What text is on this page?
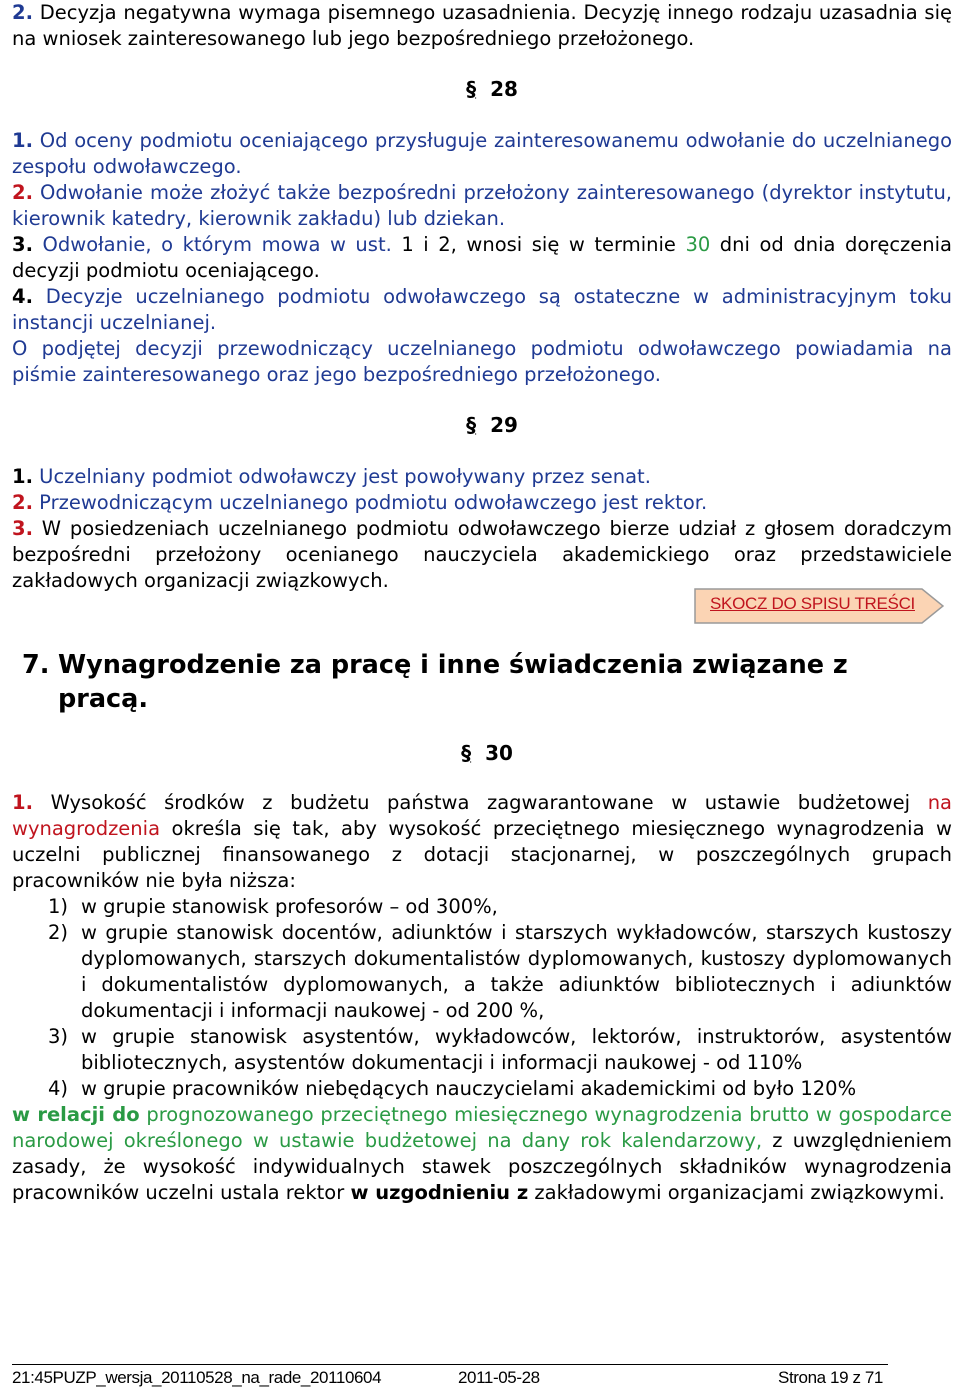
2. Decyzja negatywna wymaga pisemnego uzasadnienia. Decyzję innego rodzaju uzasadnia się na wniosek zainteresowanego lub jego bezpośredniego przełożonego.

§ 28

1. Od oceny podmiotu oceniającego przysługuje zainteresowanemu odwołanie do uczelnianego zespołu odwoławczego.

2. Odwołanie może złożyć także bezpośredni przełożony zainteresowanego (dyrektor instytutu, kierownik katedry, kierownik zakładu) lub dziekan.

3. Odwołanie, o którym mowa w ust. 1 i 2, wnosi się w terminie 30 dni od dnia doręczenia decyzji podmiotu oceniającego.

4. Decyzje uczelnianego podmiotu odwoławczego są ostateczne w administracyjnym toku instancji uczelnianej.

O podjętej decyzji przewodniczący uczelnianego podmiotu odwoławczego powiadamia na piśmie zainteresowanego oraz jego bezpośredniego przełożonego.

§ 29

1. Uczelniany podmiot odwoławczy jest powoływany przez senat.

2. Przewodniczącym uczelnianego podmiotu odwoławczego jest rektor.

3. W posiedzeniach uczelnianego podmiotu odwoławczego bierze udział z głosem doradczym bezpośredni przełożony ocenianego nauczyciela akademickiego oraz przedstawiciele zakładowych organizacji związkowych.

1. Wysokość środków z budżetu państwa zagwarantowane w ustawie budżetowej na wynagrodzenia określa się tak, aby wysokość przeciętnego miesięcznego wynagrodzenia w uczelni publicznej finansowanego z dotacji stacjonarnej, w poszczególnych grupach pracowników nie była niższa:

1) w grupie stanowisk profesorów – od 300%,
2) w grupie stanowisk docentów, adiunktów i starszych wykładowców, starszych kustoszy dyplomowanych, starszych dokumentalistów dyplomowanych, kustoszy dyplomowanych i dokumentalistów dyplomowanych, a także adiunktów bibliotecznych i adiunktów dokumentacji i informacji naukowej - od 200 %,
3) w grupie stanowisk asystentów, wykładowców, lektorów, instruktorów, asystentów bibliotecznych, asystentów dokumentacji i informacji naukowej - od 110%
4) w grupie pracowników niebędących nauczycielami akademickimi od było 120%

w relacji do prognozowanego przeciętnego miesięcznego wynagrodzenia brutto w gospodarce narodowej określonego w ustawie budżetowej na dany rok kalendarzowy, z uwzględnieniem zasady, że wysokość indywidualnych stawek poszczególnych składników wynagrodzenia pracowników uczelni ustala rektor w uzgodnieniu z zakładowymi organizacjami związkowymi.

§ 30
SKOCZ DO SPISU TREŚCI
7. Wynagrodzenie za pracę i inne świadczenia związane z pracą.
21:45PUZP_wersja_20110528_na_rade_20110604	2011-05-28	Strona 19 z 71
